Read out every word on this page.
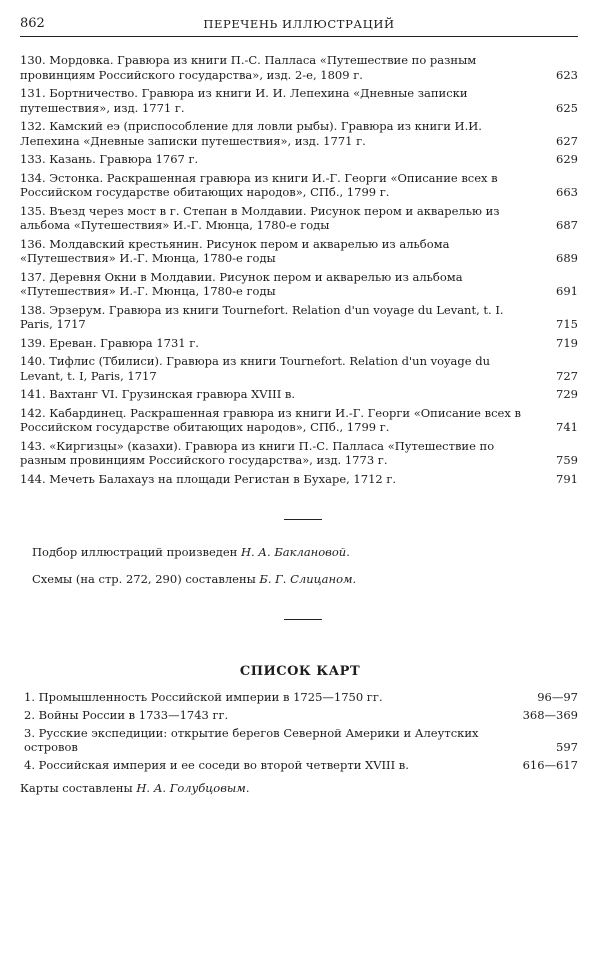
862	ПЕРЕЧЕНЬ ИЛЛЮСТРАЦИЙ
130. Мордовка. Гравюра из книги П.-С. Палласа «Путешествие по разным провинциям Российского государства», изд. 2-е, 1809 г.	623
131. Бортничество. Гравюра из книги И. И. Лепехина «Дневные записки путешествия», изд. 1771 г.	625
132. Камский еэ (приспособление для ловли рыбы). Гравюра из книги И.И. Лепехина «Дневные записки путешествия», изд. 1771 г.	627
133. Казань. Гравюра 1767 г.	629
134. Эстонка. Раскрашенная гравюра из книги И.-Г. Георги «Описание всех в Российском государстве обитающих народов», СПб., 1799 г.	663
135. Въезд через мост в г. Степан в Молдавии. Рисунок пером и акварелью из альбома «Путешествия» И.-Г. Мюнца, 1780-е годы	687
136. Молдавский крестьянин. Рисунок пером и акварелью из альбома «Путешествия» И.-Г. Мюнца, 1780-е годы	689
137. Деревня Окни в Молдавии. Рисунок пером и акварелью из альбома «Путешествия» И.-Г. Мюнца, 1780-е годы	691
138. Эрзерум. Гравюра из книги Tournefort. Relation d'un voyage du Levant, t. I. Paris, 1717	715
139. Ереван. Гравюра 1731 г.	719
140. Тифлис (Тбилиси). Гравюра из книги Tournefort. Relation d'un voyage du Levant, t. I, Paris, 1717	727
141. Вахтанг VI. Грузинская гравюра XVIII в.	729
142. Кабардинец. Раскрашенная гравюра из книги И.-Г. Георги «Описание всех в Российском государстве обитающих народов», СПб., 1799 г.	741
143. «Киргизцы» (казахи). Гравюра из книги П.-С. Палласа «Путешествие по разным провинциям Российского государства», изд. 1773 г.	759
144. Мечеть Балахауз на площади Регистан в Бухаре, 1712 г.	791
Подбор иллюстраций произведен Н. А. Баклановой.
Схемы (на стр. 272, 290) составлены Б. Г. Слицаном.
СПИСОК КАРТ
1. Промышленность Российской империи в 1725—1750 гг.	96—97
2. Войны России в 1733—1743 гг.	368—369
3. Русские экспедиции: открытие берегов Северной Америки и Алеутских островов	597
4. Российская империя и ее соседи во второй четверти XVIII в.	616—617
Карты составлены Н. А. Голубцовым.
